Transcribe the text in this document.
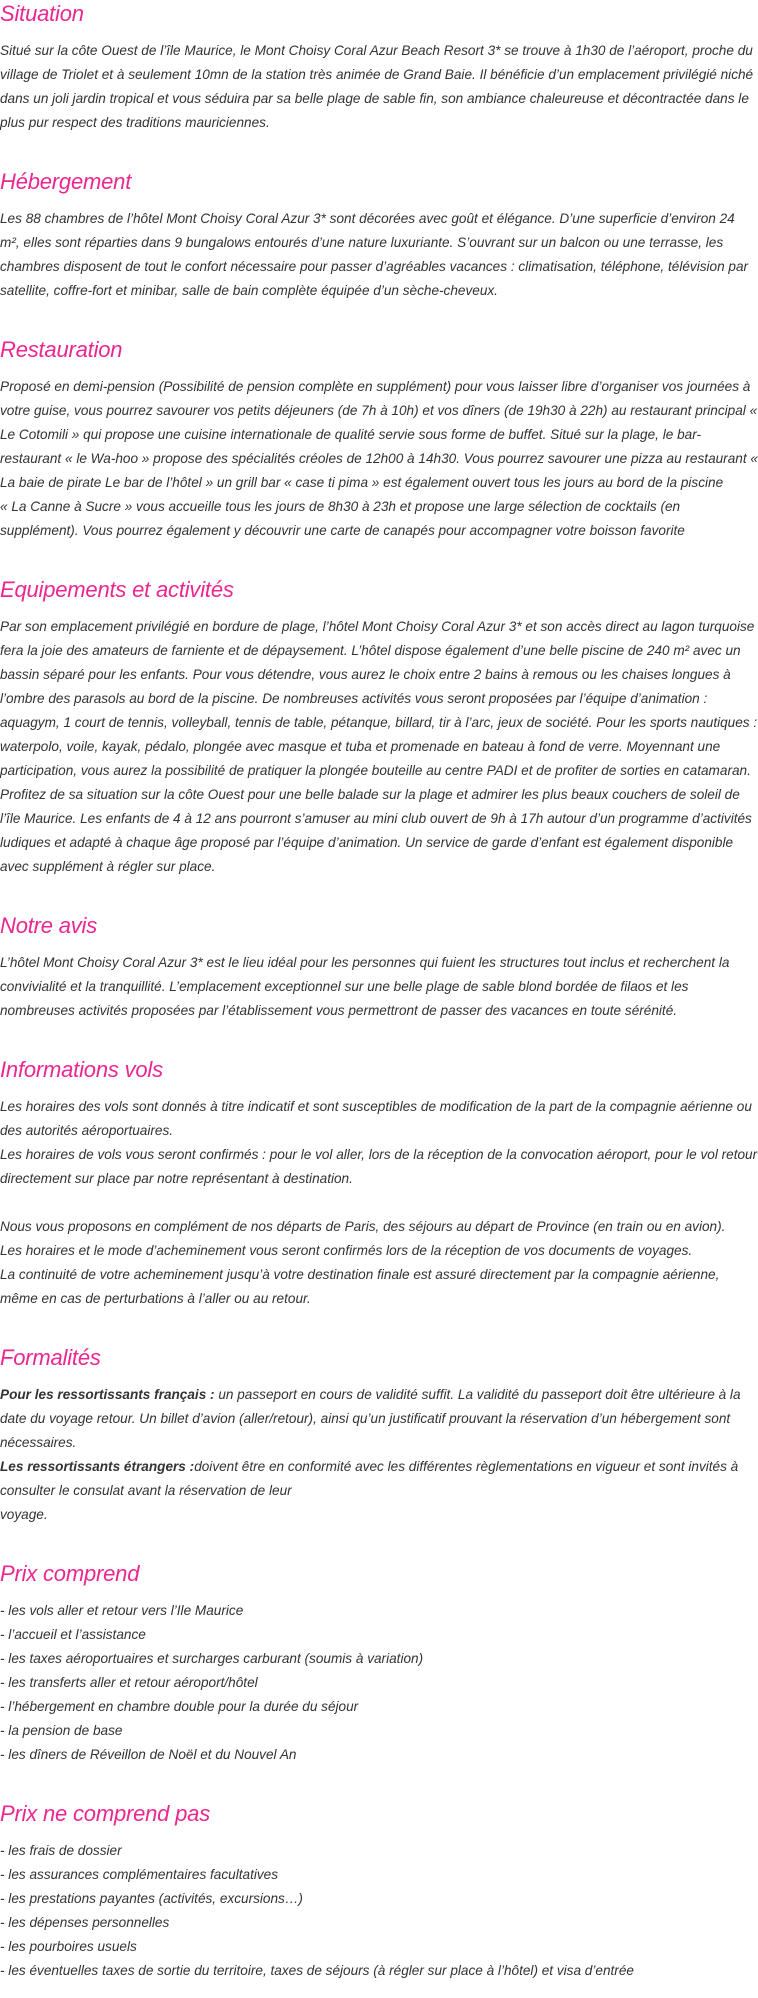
Situation

Situé sur la côte Ouest de l’île Maurice, le Mont Choisy Coral Azur Beach Resort 3* se trouve à 1h30 de l’aéroport, proche du village de Triolet et à seulement 10mn de la station très animée de Grand Baie. Il bénéficie d’un emplacement privilégié niché dans un joli jardin tropical et vous séduira par sa belle plage de sable fin, son ambiance chaleureuse et décontractée dans le plus pur respect des traditions mauriciennes.

Hébergement

Les 88 chambres de l’hôtel Mont Choisy Coral Azur 3* sont décorées avec goût et élégance. D’une superficie d’environ 24 m², elles sont réparties dans 9 bungalows entourés d’une nature luxuriante. S’ouvrant sur un balcon ou une terrasse, les chambres disposent de tout le confort nécessaire pour passer d’agréables vacances : climatisation, téléphone, télévision par satellite, coffre-fort et minibar, salle de bain complète équipée d’un sèche-cheveux.

Restauration

Proposé en demi-pension (Possibilité de pension complète en supplément) pour vous laisser libre d’organiser vos journées à votre guise, vous pourrez savourer vos petits déjeuners (de 7h à 10h) et vos dîners (de 19h30 à 22h) au restaurant principal « Le Cotomili » qui propose une cuisine internationale de qualité servie sous forme de buffet. Situé sur la plage, le bar-restaurant « le Wa-hoo » propose des spécialités créoles de 12h00 à 14h30. Vous pourrez savourer une pizza au restaurant « La baie de pirate Le bar de l’hôtel » un grill bar « case ti pima » est également ouvert tous les jours au bord de la piscine

« La Canne à Sucre » vous accueille tous les jours de 8h30 à 23h et propose une large sélection de cocktails (en supplément). Vous pourrez également y découvrir une carte de canapés pour accompagner votre boisson favorite

Equipements et activités

Par son emplacement privilégié en bordure de plage, l’hôtel Mont Choisy Coral Azur 3* et son accès direct au lagon turquoise fera la joie des amateurs de farniente et de dépaysement. L’hôtel dispose également d’une belle piscine de 240 m² avec un bassin séparé pour les enfants. Pour vous détendre, vous aurez le choix entre 2 bains à remous ou les chaises longues à l’ombre des parasols au bord de la piscine. De nombreuses activités vous seront proposées par l’équipe d’animation : aquagym, 1 court de tennis, volleyball, tennis de table, pétanque, billard, tir à l’arc, jeux de société. Pour les sports nautiques : waterpolo, voile, kayak, pédalo, plongée avec masque et tuba et promenade en bateau à fond de verre. Moyennant une participation, vous aurez la possibilité de pratiquer la plongée bouteille au centre PADI et de profiter de sorties en catamaran. Profitez de sa situation sur la côte Ouest pour une belle balade sur la plage et admirer les plus beaux couchers de soleil de l’île Maurice. Les enfants de 4 à 12 ans pourront s’amuser au mini club ouvert de 9h à 17h autour d’un programme d’activités ludiques et adapté à chaque âge proposé par l’équipe d’animation. Un service de garde d’enfant est également disponible avec supplément à régler sur place.

Notre avis

L’hôtel Mont Choisy Coral Azur 3* est le lieu idéal pour les personnes qui fuient les structures tout inclus et recherchent la convivialité et la tranquillité. L’emplacement exceptionnel sur une belle plage de sable blond bordée de filaos et les nombreuses activités proposées par l’établissement vous permettront de passer des vacances en toute sérénité.

Informations vols

Les horaires des vols sont donnés à titre indicatif et sont susceptibles de modification de la part de la compagnie aérienne ou des autorités aéroportuaires.

Les horaires de vols vous seront confirmés : pour le vol aller, lors de la réception de la convocation aéroport, pour le vol retour directement sur place par notre représentant à destination.

Nous vous proposons en complément de nos départs de Paris, des séjours au départ de Province (en train ou en avion).

Les horaires et le mode d’acheminement vous seront confirmés lors de la réception de vos documents de voyages.

La continuité de votre acheminement jusqu’à votre destination finale est assuré directement par la compagnie aérienne, même en cas de perturbations à l’aller ou au retour.

Formalités

Pour les ressortissants français : un passeport en cours de validité suffit. La validité du passeport doit être ultérieure à la date du voyage retour. Un billet d’avion (aller/retour), ainsi qu’un justificatif prouvant la réservation d’un hébergement sont nécessaires.

Les ressortissants étrangers :doivent être en conformité avec les différentes règlementations en vigueur et sont invités à consulter le consulat avant la réservation de leur

voyage.

Prix comprend
- les vols aller et retour vers l’Ile Maurice
- l’accueil et l’assistance
- les taxes aéroportuaires et surcharges carburant (soumis à variation)
- les transferts aller et retour aéroport/hôtel
- l’hébergement en chambre double pour la durée du séjour
- la pension de base
- les dîners de Réveillon de Noël et du Nouvel An
Prix ne comprend pas
- les frais de dossier
- les assurances complémentaires facultatives
- les prestations payantes (activités, excursions…)
- les dépenses personnelles
- les pourboires usuels
- les éventuelles taxes de sortie du territoire, taxes de séjours (à régler sur place à l’hôtel) et visa d’entrée
